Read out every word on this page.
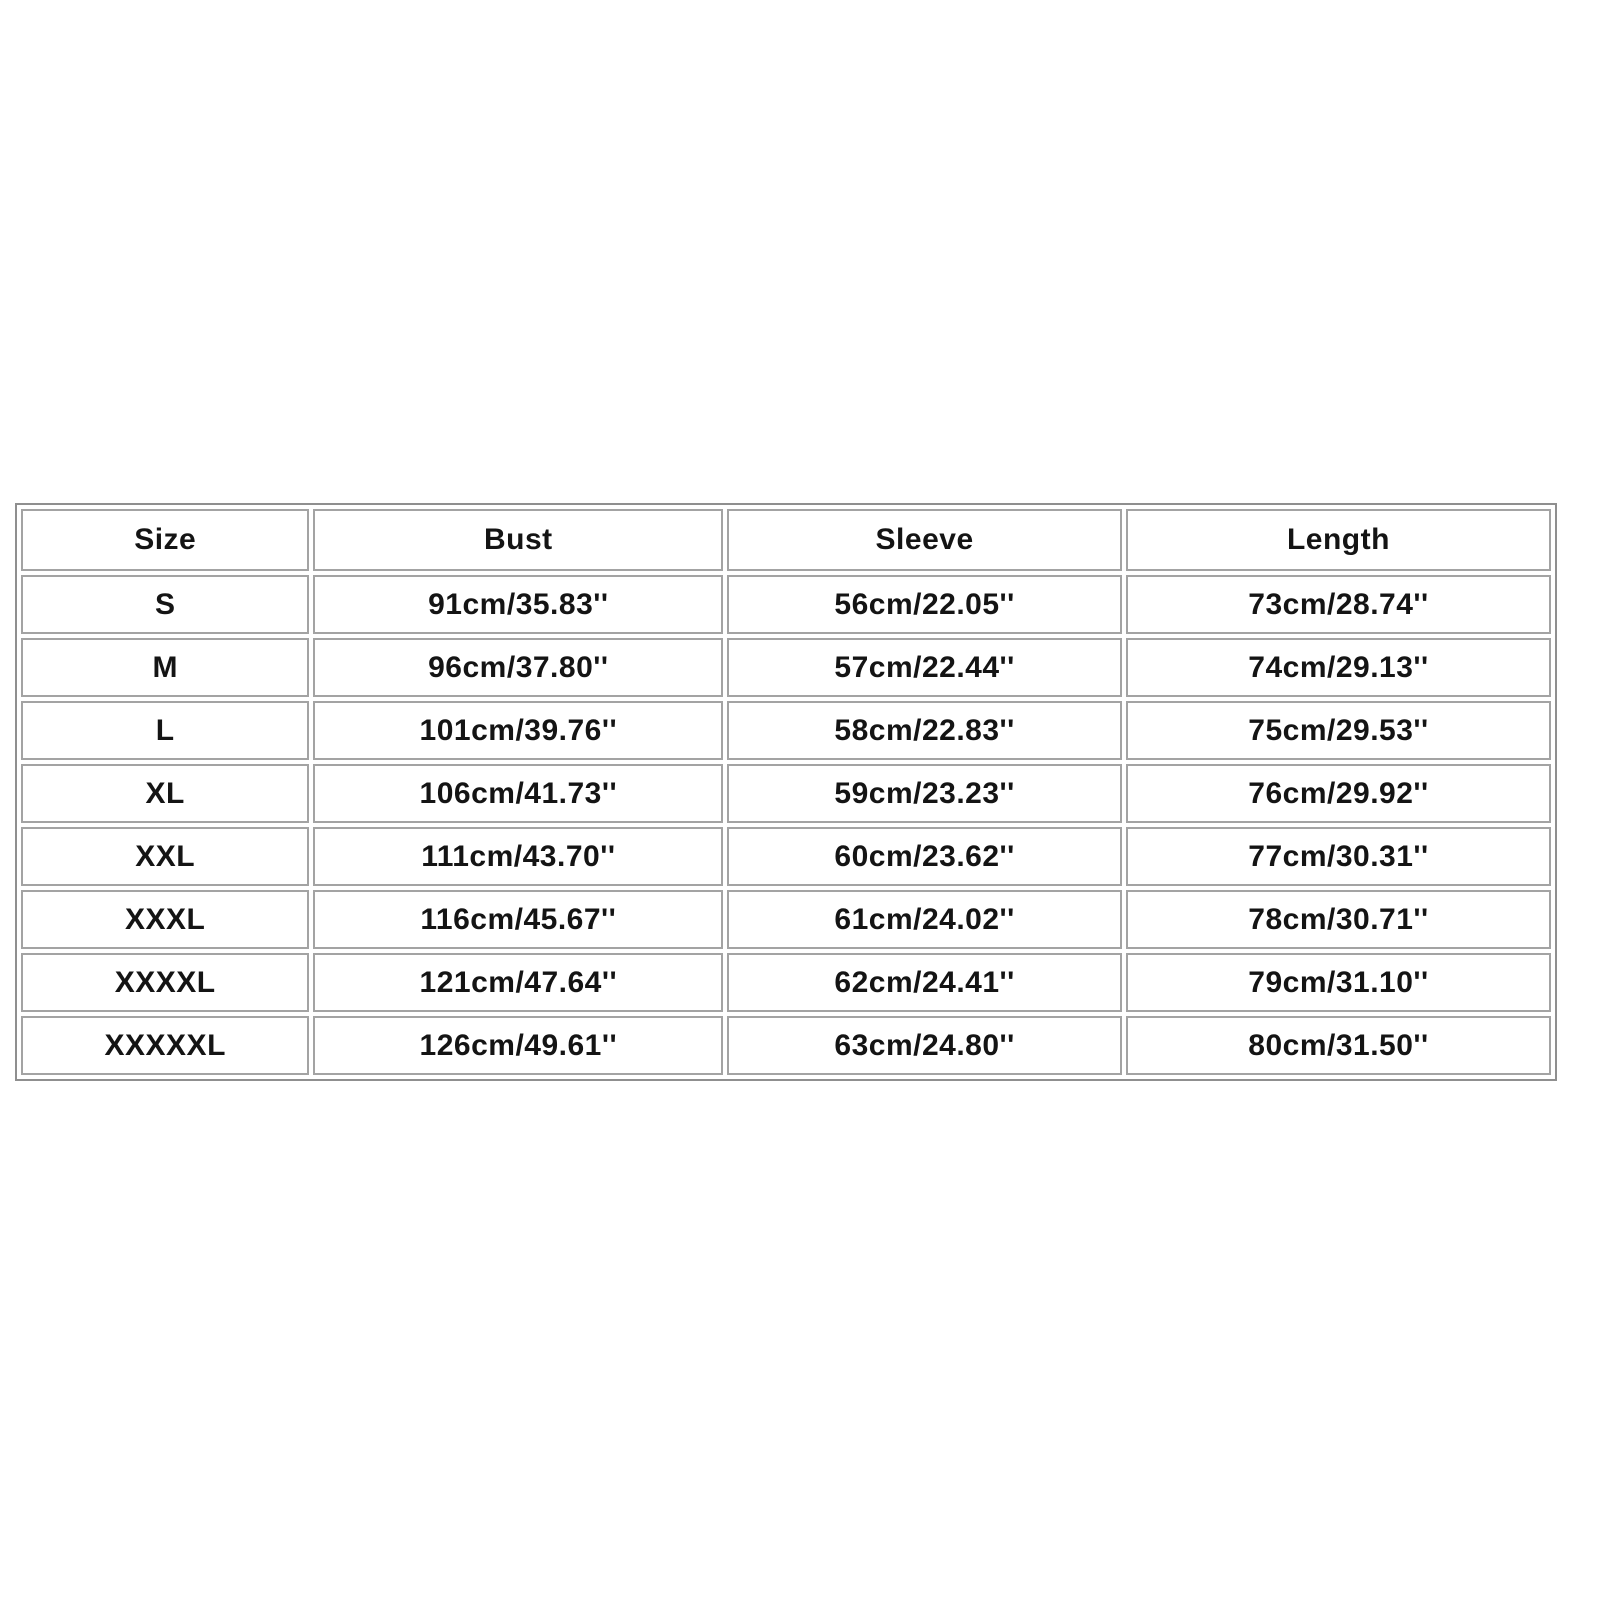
Size	Bust	Sleeve	Length
S	91cm/35.83''	56cm/22.05''	73cm/28.74''
M	96cm/37.80''	57cm/22.44''	74cm/29.13''
L	101cm/39.76''	58cm/22.83''	75cm/29.53''
XL	106cm/41.73''	59cm/23.23''	76cm/29.92''
XXL	111cm/43.70''	60cm/23.62''	77cm/30.31''
XXXL	116cm/45.67''	61cm/24.02''	78cm/30.71''
XXXXL	121cm/47.64''	62cm/24.41''	79cm/31.10''
XXXXXL	126cm/49.61''	63cm/24.80''	80cm/31.50''
